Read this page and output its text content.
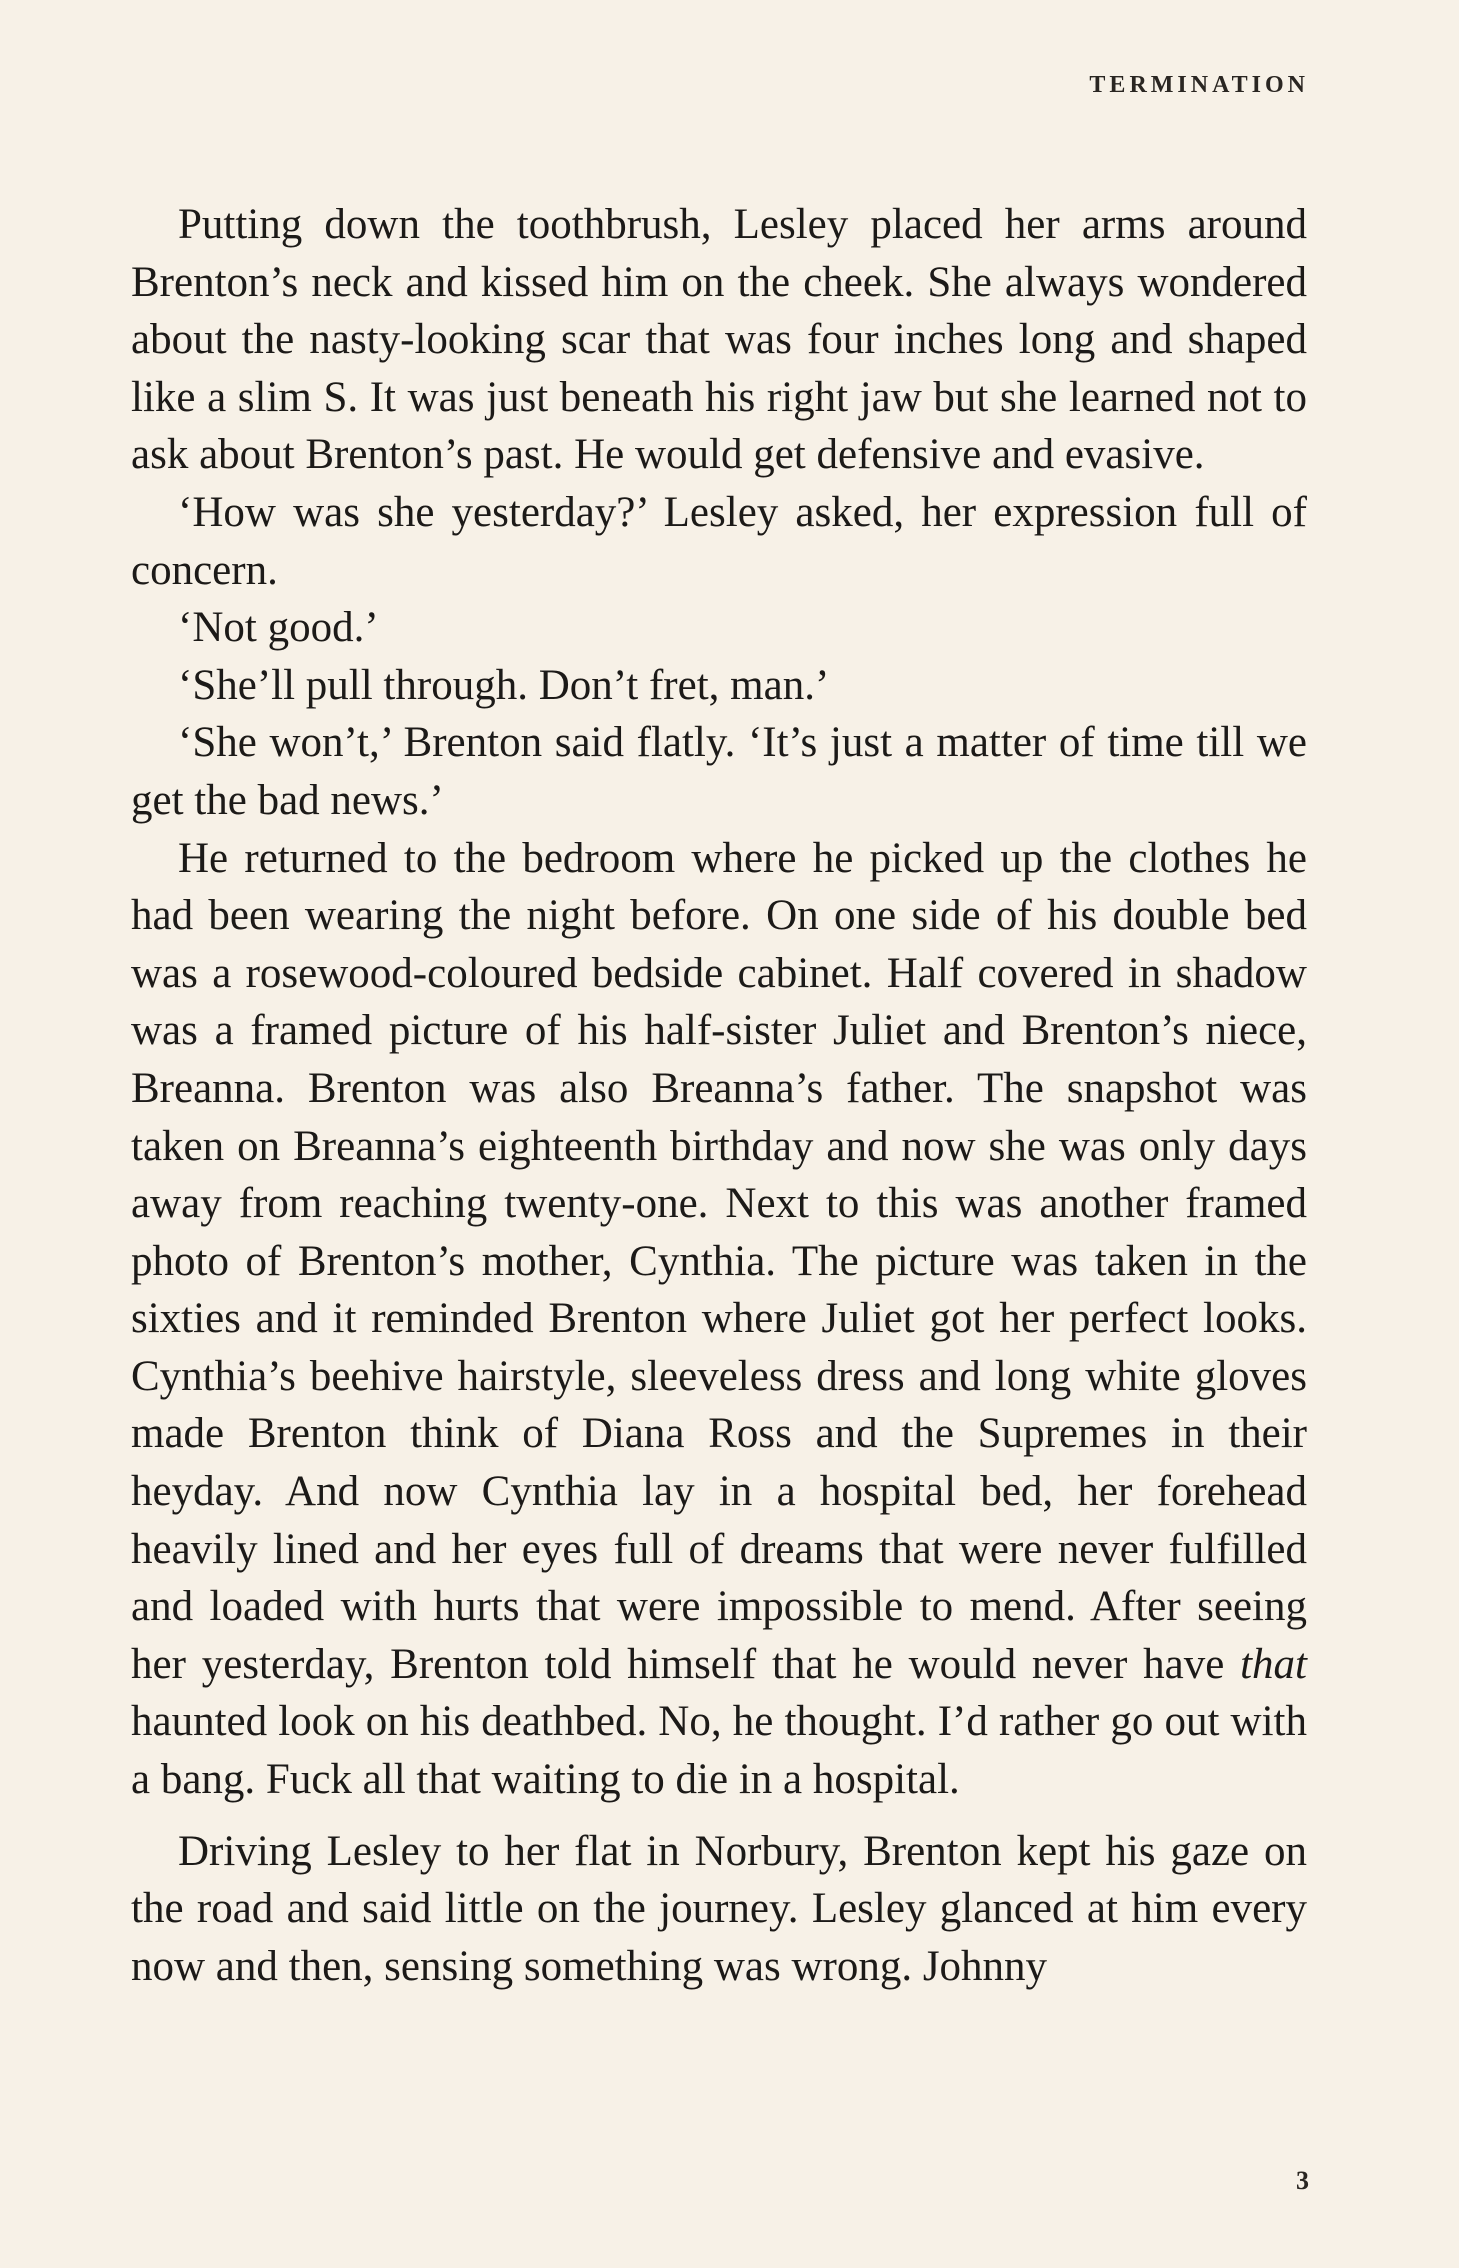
TERMINATION

Putting down the toothbrush, Lesley placed her arms around Brenton’s neck and kissed him on the cheek. She always wondered about the nasty-looking scar that was four inches long and shaped like a slim S. It was just beneath his right jaw but she learned not to ask about Brenton’s past. He would get defensive and evasive.

‘How was she yesterday?’ Lesley asked, her expression full of concern.

‘Not good.’

‘She’ll pull through. Don’t fret, man.’

‘She won’t,’ Brenton said flatly. ‘It’s just a matter of time till we get the bad news.’

He returned to the bedroom where he picked up the clothes he had been wearing the night before. On one side of his double bed was a rosewood-coloured bedside cabinet. Half covered in shadow was a framed picture of his half-sister Juliet and Brenton’s niece, Breanna. Brenton was also Breanna’s father. The snapshot was taken on Breanna’s eighteenth birthday and now she was only days away from reaching twenty-one. Next to this was another framed photo of Brenton’s mother, Cynthia. The picture was taken in the sixties and it reminded Brenton where Juliet got her perfect looks. Cynthia’s beehive hairstyle, sleeveless dress and long white gloves made Brenton think of Diana Ross and the Supremes in their heyday. And now Cynthia lay in a hospital bed, her forehead heavily lined and her eyes full of dreams that were never fulfilled and loaded with hurts that were impossible to mend. After seeing her yesterday, Brenton told himself that he would never have that haunted look on his deathbed. No, he thought. I’d rather go out with a bang. Fuck all that waiting to die in a hospital.

Driving Lesley to her flat in Norbury, Brenton kept his gaze on the road and said little on the journey. Lesley glanced at him every now and then, sensing something was wrong. Johnny

3
